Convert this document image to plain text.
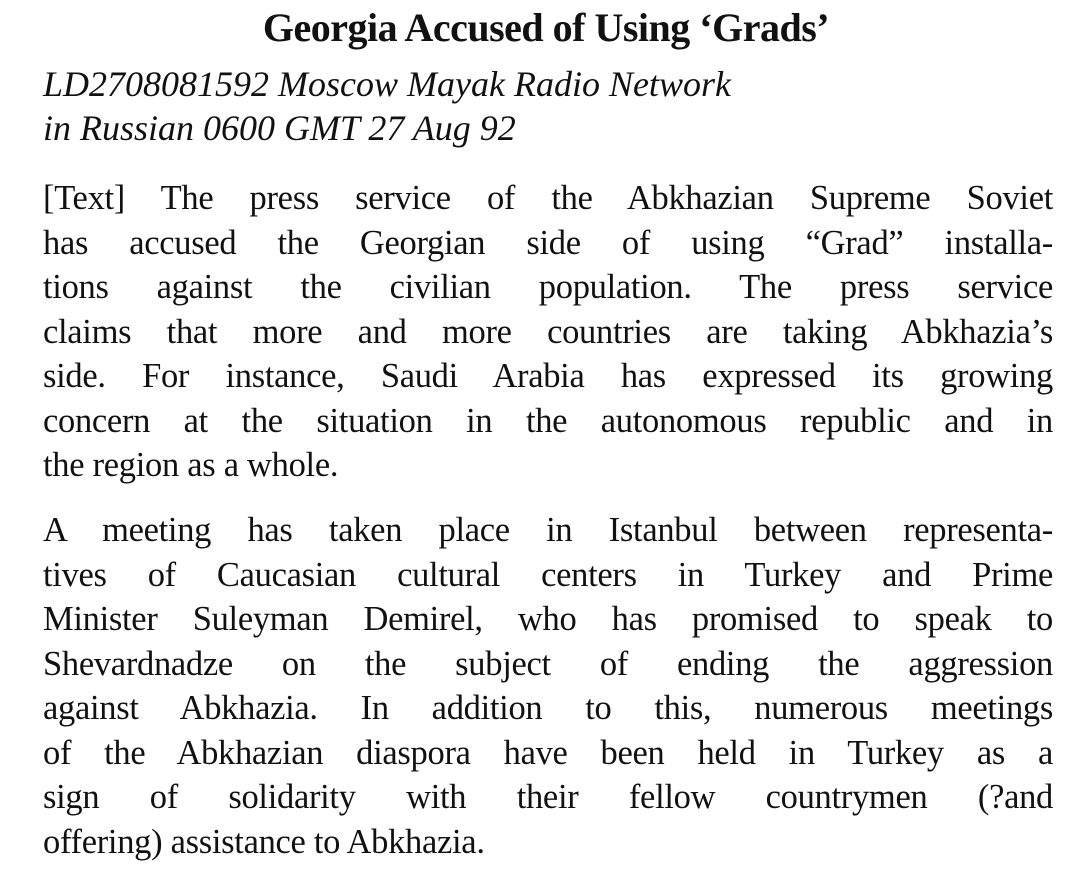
Georgia Accused of Using ‘Grads’
LD2708081592 Moscow Mayak Radio Network
in Russian 0600 GMT 27 Aug 92
[Text] The press service of the Abkhazian Supreme Soviet
has accused the Georgian side of using “Grad” installa-
tions against the civilian population. The press service
claims that more and more countries are taking Abkhazia’s
side. For instance, Saudi Arabia has expressed its growing
concern at the situation in the autonomous republic and in
the region as a whole.
A meeting has taken place in Istanbul between representa-
tives of Caucasian cultural centers in Turkey and Prime
Minister Suleyman Demirel, who has promised to speak to
Shevardnadze on the subject of ending the aggression
against Abkhazia. In addition to this, numerous meetings
of the Abkhazian diaspora have been held in Turkey as a
sign of solidarity with their fellow countrymen (?and
offering) assistance to Abkhazia.
